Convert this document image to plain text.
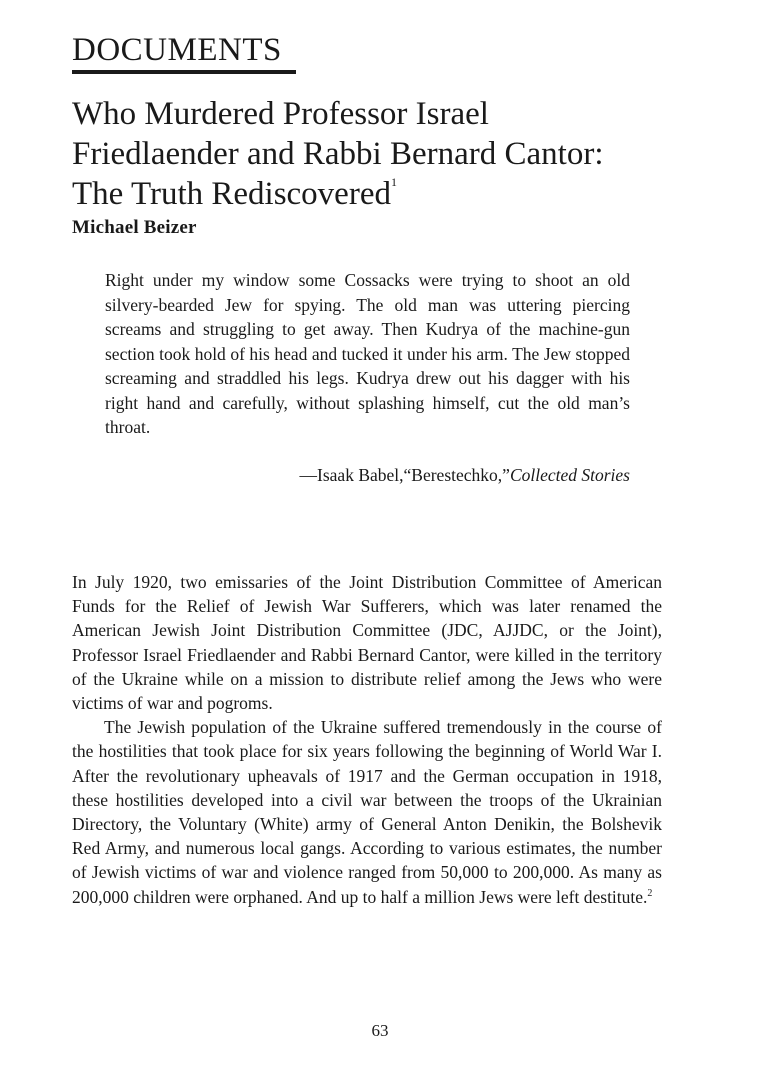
DOCUMENTS
Who Murdered Professor Israel Friedlaender and Rabbi Bernard Cantor: The Truth Rediscovered$^1$
Michael Beizer

Right under my window some Cossacks were trying to shoot an old silvery-bearded Jew for spying. The old man was uttering piercing screams and struggling to get away. Then Kudrya of the machine-gun section took hold of his head and tucked it under his arm. The Jew stopped screaming and straddled his legs. Kudrya drew out his dagger with his right hand and carefully, without splashing himself, cut the old man’s throat.

—Isaak Babel,“Berestechko,”Collected Stories

In July 1920, two emissaries of the Joint Distribution Committee of American Funds for the Relief of Jewish War Sufferers, which was later renamed the American Jewish Joint Distribution Committee (JDC, AJJDC, or the Joint), Professor Israel Friedlaender and Rabbi Bernard Cantor, were killed in the territory of the Ukraine while on a mission to distribute relief among the Jews who were victims of war and pogroms.

The Jewish population of the Ukraine suffered tremendously in the course of the hostilities that took place for six years following the beginning of World War I. After the revolutionary upheavals of 1917 and the German occupation in 1918, these hostilities developed into a civil war between the troops of the Ukrainian Directory, the Voluntary (White) army of General Anton Denikin, the Bolshevik Red Army, and numerous local gangs. According to various estimates, the number of Jewish victims of war and violence ranged from 50,000 to 200,000. As many as 200,000 children were orphaned. And up to half a million Jews were left destitute.$^2$

63
